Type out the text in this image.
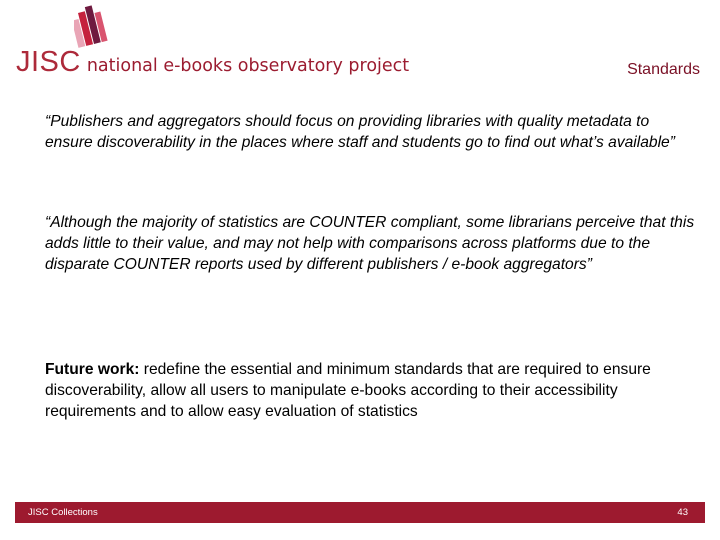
JISC national e-books observatory project	Standards

“Publishers and aggregators should focus on providing libraries with quality metadata to ensure discoverability in the places where staff and students go to find out what’s available”

“Although the majority of statistics are COUNTER compliant, some librarians perceive that this adds little to their value, and may not help with comparisons across platforms due to the disparate COUNTER reports used by different publishers / e-book aggregators”

Future work: redefine the essential and minimum standards that are required to ensure discoverability, allow all users to manipulate e-books according to their accessibility requirements and to allow easy evaluation of statistics

JISC Collections	43
